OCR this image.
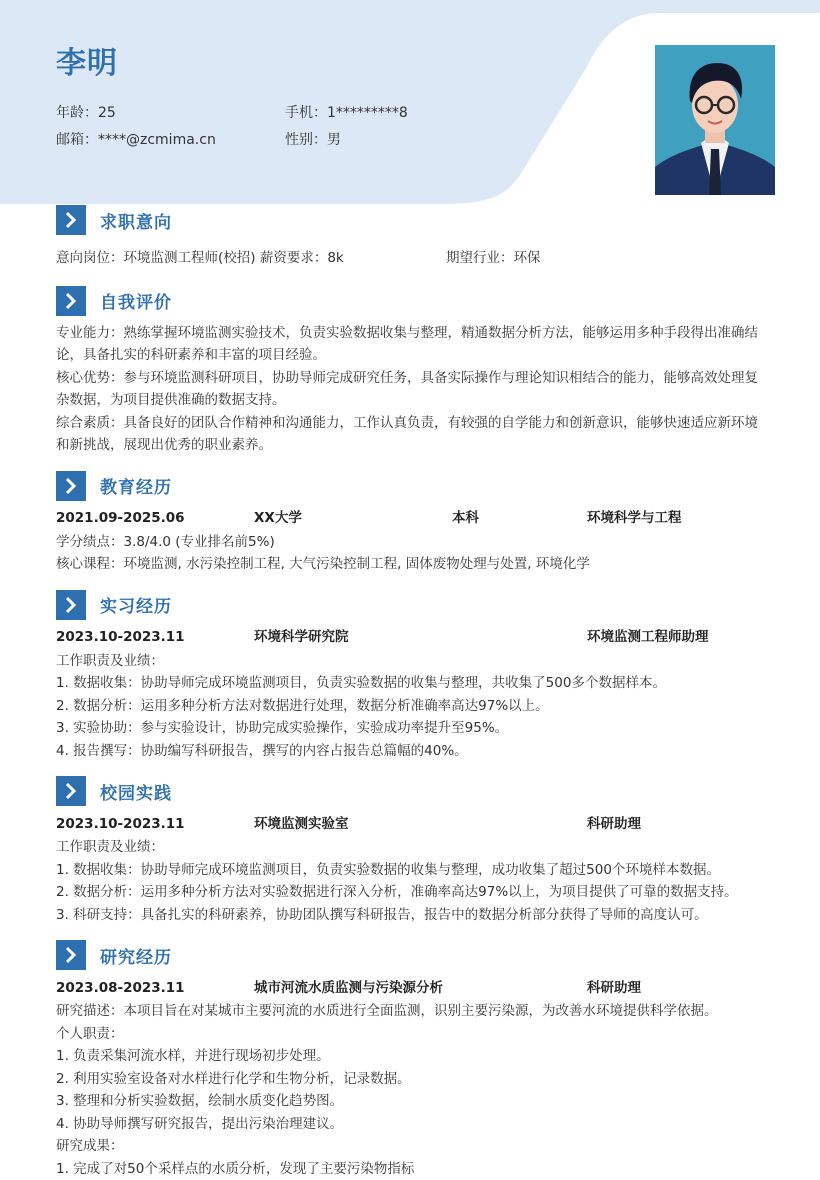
李明
年龄：25	手机：1*********8
邮箱：****@zcmima.cn	性别：男
求职意向
意向岗位：环境监测工程师(校招) 薪资要求：8k	期望行业：环保
自我评价
专业能力：熟练掌握环境监测实验技术，负责实验数据收集与整理，精通数据分析方法，能够运用多种手段得出准确结论，具备扎实的科研素养和丰富的项目经验。
核心优势：参与环境监测科研项目，协助导师完成研究任务，具备实际操作与理论知识相结合的能力，能够高效处理复杂数据，为项目提供准确的数据支持。
综合素质：具备良好的团队合作精神和沟通能力，工作认真负责，有较强的自学能力和创新意识，能够快速适应新环境和新挑战，展现出优秀的职业素养。
教育经历
2021.09-2025.06	XX大学	本科	环境科学与工程
学分绩点：3.8/4.0 (专业排名前5%)
核心课程：环境监测, 水污染控制工程, 大气污染控制工程, 固体废物处理与处置, 环境化学
实习经历
2023.10-2023.11	环境科学研究院	环境监测工程师助理
工作职责及业绩：
1. 数据收集：协助导师完成环境监测项目，负责实验数据的收集与整理，共收集了500多个数据样本。
2. 数据分析：运用多种分析方法对数据进行处理，数据分析准确率高达97%以上。
3. 实验协助：参与实验设计，协助完成实验操作，实验成功率提升至95%。
4. 报告撰写：协助编写科研报告，撰写的内容占报告总篇幅的40%。
校园实践
2023.10-2023.11	环境监测实验室	科研助理
工作职责及业绩：
1. 数据收集：协助导师完成环境监测项目，负责实验数据的收集与整理，成功收集了超过500个环境样本数据。
2. 数据分析：运用多种分析方法对实验数据进行深入分析，准确率高达97%以上，为项目提供了可靠的数据支持。
3. 科研支持：具备扎实的科研素养，协助团队撰写科研报告，报告中的数据分析部分获得了导师的高度认可。
研究经历
2023.08-2023.11	城市河流水质监测与污染源分析	科研助理
研究描述：本项目旨在对某城市主要河流的水质进行全面监测，识别主要污染源，为改善水环境提供科学依据。
个人职责：
1. 负责采集河流水样，并进行现场初步处理。
2. 利用实验室设备对水样进行化学和生物分析，记录数据。
3. 整理和分析实验数据，绘制水质变化趋势图。
4. 协助导师撰写研究报告，提出污染治理建议。
研究成果：
1. 完成了对50个采样点的水质分析，发现了主要污染物指标
